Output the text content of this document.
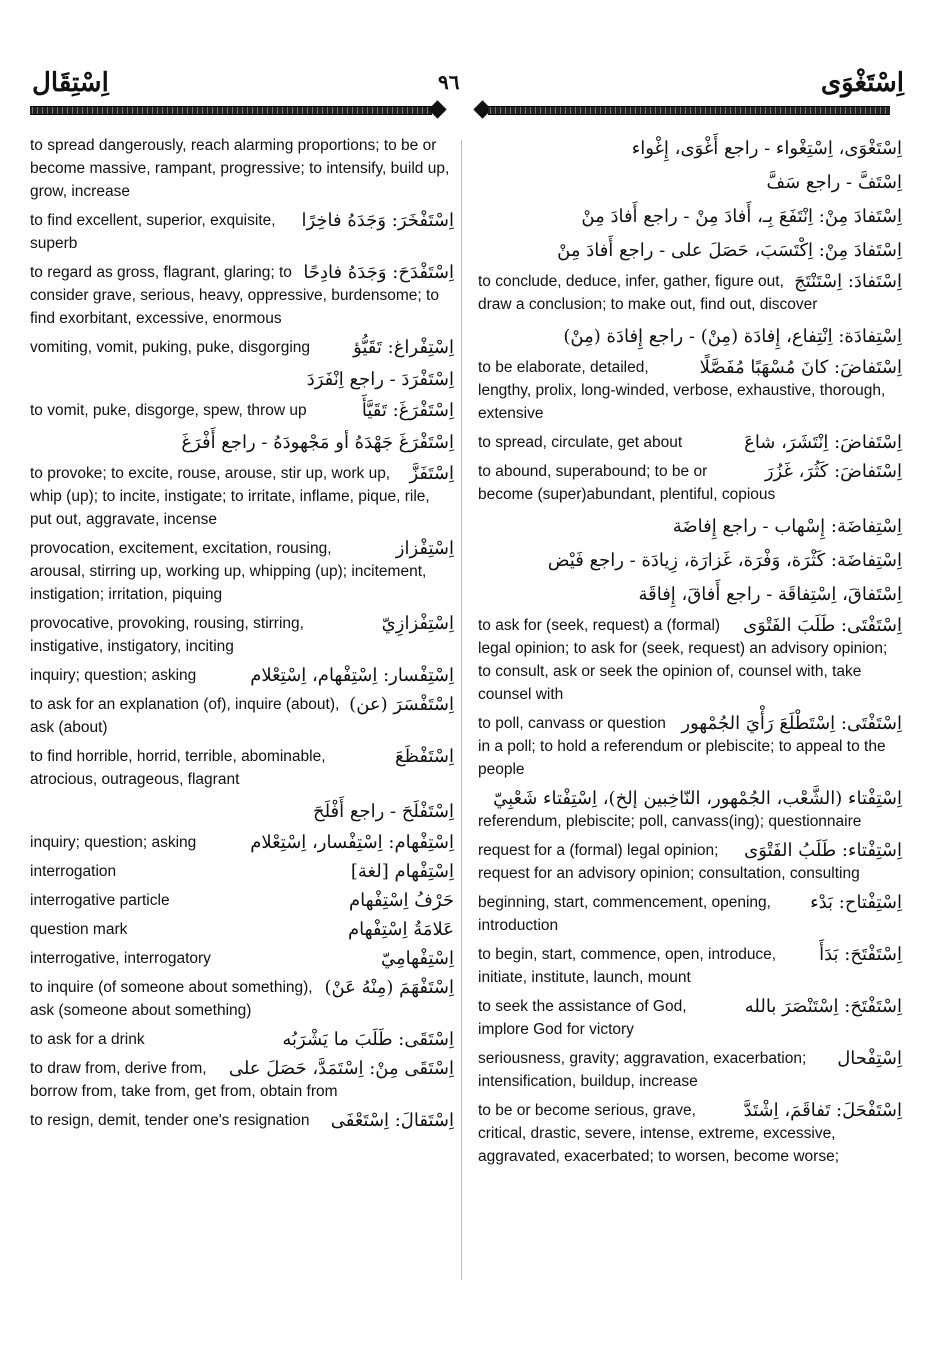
اِسْتِقَال	٩٦	اِسْتَغْوَى
to spread dangerously, reach alarming proportions; to be or become massive, rampant, progressive; to intensify, build up, grow, increase
اِسْتَفْخَرَ: وَجَدَهُ فاخِرًا
to find excellent, superior, exquisite, superb
اِسْتَفْدَحَ: وَجَدَهُ فادِحًا
to regard as gross, flagrant, glaring; to consider grave, serious, heavy, oppressive, burdensome; to find exorbitant, excessive, enormous
اِسْتِفْراغ: تَقَيُّؤ
vomiting, vomit, puking, puke, disgorging
اِسْتَفْرَدَ - راجع اِنْفَرَدَ
اِسْتَفْرَغَ: تَقَيَّأَ
to vomit, puke, disgorge, spew, throw up
اِسْتَفْرَغَ جَهْدَهُ أو مَجْهودَهُ - راجع أَفْرَغَ
اِسْتَفَزَّ
to provoke; to excite, rouse, arouse, stir up, work up, whip (up); to incite, instigate; to irritate, inflame, pique, rile, put out, aggravate, incense
اِسْتِفْزاز
provocation, excitement, excitation, rousing, arousal, stirring up, working up, whipping (up); incitement, instigation; irritation, piquing
اِسْتِفْزازِيّ
provocative, provoking, rousing, stirring, instigative, instigatory, inciting
اِسْتِفْسار: اِسْتِفْهام، اِسْتِعْلام
inquiry; question; asking
اِسْتَفْسَرَ (عن)
to ask for an explanation (of), inquire (about), ask (about)
اِسْتَفْظَعَ
to find horrible, horrid, terrible, abominable, atrocious, outrageous, flagrant
اِسْتَفْلَحَ - راجع أَفْلَحَ
اِسْتِفْهام: اِسْتِفْسار، اِسْتِعْلام
inquiry; question; asking
اِسْتِفْهام [لغة]
interrogation
حَرْفُ اِسْتِفْهام
interrogative particle
عَلامَةُ اِسْتِفْهام
question mark
اِسْتِفْهامِيّ
interrogative, interrogatory
اِسْتَفْهَمَ (مِنْهُ عَنْ)
to inquire (of someone about something), ask (someone about something)
اِسْتَقَى: طَلَبَ ما يَشْرَبُه
to ask for a drink
اِسْتَقَى مِنْ: اِسْتَمَدَّ، حَصَلَ على
to draw from, derive from, borrow from, take from, get from, obtain from
اِسْتَقالَ: اِسْتَعْفَى
to resign, demit, tender one's resignation
اِسْتَغْوَى، اِسْتِغْواء - راجع أَغْوَى، إِغْواء
اِسْتَفَّ - راجع سَفَّ
اِسْتَفادَ مِنْ: اِنْتَفَعَ بِـ، أَفادَ مِنْ - راجع أَفادَ مِنْ
اِسْتَفادَ مِنْ: اِكْتَسَبَ، حَصَلَ على - راجع أَفادَ مِنْ
اِسْتَفادَ: اِسْتَنْتَجَ
to conclude, deduce, infer, gather, figure out, draw a conclusion; to make out, find out, discover
اِسْتِفادَة: اِنْتِفاع، إِفادَة (مِنْ) - راجع إِفادَة (مِنْ)
اِسْتَفاضَ: كانَ مُسْهَبًا مُفَصَّلًا
to be elaborate, detailed, lengthy, prolix, long-winded, verbose, exhaustive, thorough, extensive
اِسْتَفاضَ: اِنْتَشَرَ، شاعَ
to spread, circulate, get about
اِسْتَفاضَ: كَثُرَ، غَزُرَ
to abound, superabound; to be or become (super)abundant, plentiful, copious
اِسْتِفاضَة: إِسْهاب - راجع إِفاضَة
اِسْتِفاضَة: كَثْرَة، وَفْرَة، غَزارَة، زِيادَة - راجع فَيْض
اِسْتَفاقَ، اِسْتِفاقَة - راجع أَفاقَ، إِفاقَة
اِسْتَفْتَى: طَلَبَ الفَتْوَى
to ask for (seek, request) a (formal) legal opinion; to ask for (seek, request) an advisory opinion; to consult, ask or seek the opinion of, counsel with, take counsel with
اِسْتَفْتَى: اِسْتَطْلَعَ رَأْيَ الجُمْهور
to poll, canvass or question in a poll; to hold a referendum or plebiscite; to appeal to the people
اِسْتِفْتاء (الشَّعْب، الجُمْهور، النّاخِبين إلخ)، اِسْتِفْتاء شَعْبِيّ
referendum, plebiscite; poll, canvass(ing); questionnaire
اِسْتِفْتاء: طَلَبُ الفَتْوَى
request for a (formal) legal opinion; request for an advisory opinion; consultation, consulting
اِسْتِفْتاح: بَدْء
beginning, start, commencement, opening, introduction
اِسْتَفْتَحَ: بَدَأَ
to begin, start, commence, open, introduce, initiate, institute, launch, mount
اِسْتَفْتَحَ: اِسْتَنْصَرَ بالله
to seek the assistance of God, implore God for victory
اِسْتِفْحال
seriousness, gravity; aggravation, exacerbation; intensification, buildup, increase
اِسْتَفْحَلَ: تَفاقَمَ، اِشْتَدَّ
to be or become serious, grave, critical, drastic, severe, intense, extreme, excessive, aggravated, exacerbated; to worsen, become worse;
